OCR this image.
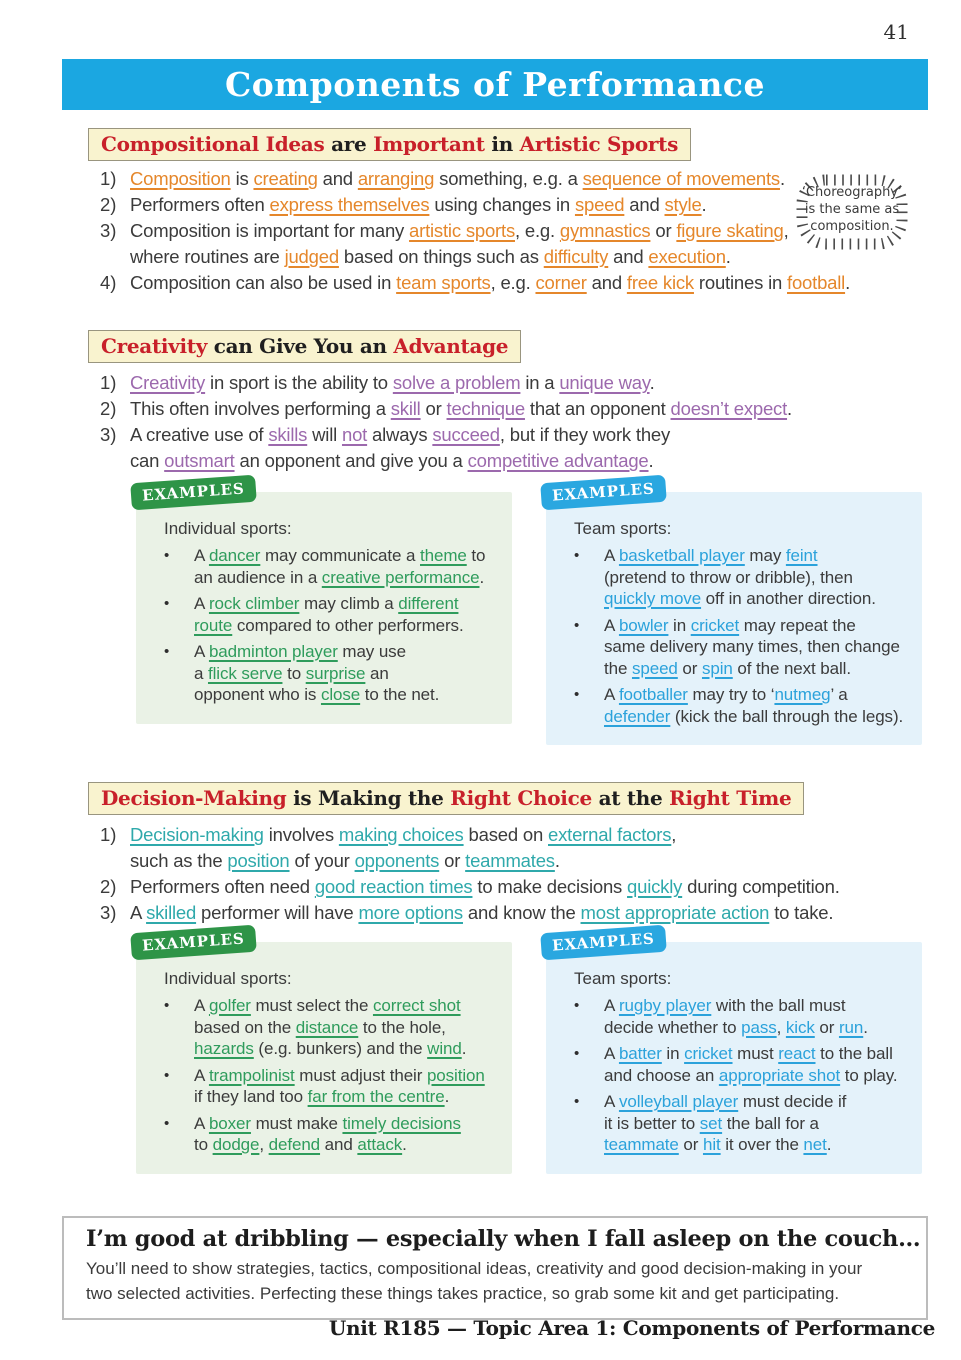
41
Components of Performance
Compositional Ideas are Important in Artistic Sports
1) Composition is creating and arranging something, e.g. a sequence of movements.
2) Performers often express themselves using changes in speed and style.
3) Composition is important for many artistic sports, e.g. gymnastics or figure skating,
where routines are judged based on things such as difficulty and execution.
4) Composition can also be used in team sports, e.g. corner and free kick routines in football.
‘Choreography’
is the same as
composition.
Creativity can Give You an Advantage
1) Creativity in sport is the ability to solve a problem in a unique way.
2) This often involves performing a skill or technique that an opponent doesn’t expect.
3) A creative use of skills will not always succeed, but if they work they
can outsmart an opponent and give you a competitive advantage.
EXAMPLES
Individual sports:
•	A dancer may communicate a theme to
an audience in a creative performance.
•	A rock climber may climb a different
route compared to other performers.
•	A badminton player may use
a flick serve to surprise an
opponent who is close to the net.
EXAMPLES
Team sports:
•	A basketball player may feint
(pretend to throw or dribble), then
quickly move off in another direction.
•	A bowler in cricket may repeat the
same delivery many times, then change
the speed or spin of the next ball.
•	A footballer may try to ‘nutmeg’ a
defender (kick the ball through the legs).
Decision-Making is Making the Right Choice at the Right Time
1) Decision-making involves making choices based on external factors,
such as the position of your opponents or teammates.
2) Performers often need good reaction times to make decisions quickly during competition.
3) A skilled performer will have more options and know the most appropriate action to take.
EXAMPLES
Individual sports:
•	A golfer must select the correct shot
based on the distance to the hole,
hazards (e.g. bunkers) and the wind.
•	A trampolinist must adjust their position
if they land too far from the centre.
•	A boxer must make timely decisions
to dodge, defend and attack.
EXAMPLES
Team sports:
•	A rugby player with the ball must
decide whether to pass, kick or run.
•	A batter in cricket must react to the ball
and choose an appropriate shot to play.
•	A volleyball player must decide if
it is better to set the ball for a
teammate or hit it over the net.
I’m good at dribbling — especially when I fall asleep on the couch…
You’ll need to show strategies, tactics, compositional ideas, creativity and good decision-making in your
two selected activities. Perfecting these things takes practice, so grab some kit and get participating.
Unit R185 — Topic Area 1: Components of Performance
